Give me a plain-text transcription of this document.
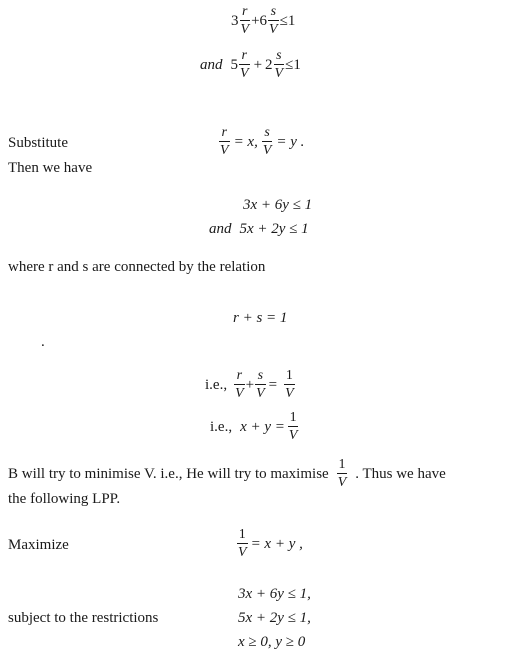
$3 \frac{r}{V} + 6 \frac{s}{V} \le 1$
and $5 \frac{r}{V} + 2 \frac{s}{V} \le 1$
Substitute	$\frac{r}{V} = x$, $\frac{s}{V} = y$ .
Then we have
3x + 6y ≤ 1
and 5x + 2y ≤ 1
where r and s are connected by the relation
r + s = 1
.
i.e., $\frac{r}{V} + \frac{s}{V} = \frac{1}{V}$
i.e., $x + y = \frac{1}{V}$
B will try to minimise V. i.e., He will try to maximise $\frac{1}{V}$ . Thus we have
the following LPP.
Maximize	$\frac{1}{V} = x + y$ ,
3x + 6y ≤ 1,
subject to the restrictions	5x + 2y ≤ 1,
x ≥ 0, y ≥ 0
